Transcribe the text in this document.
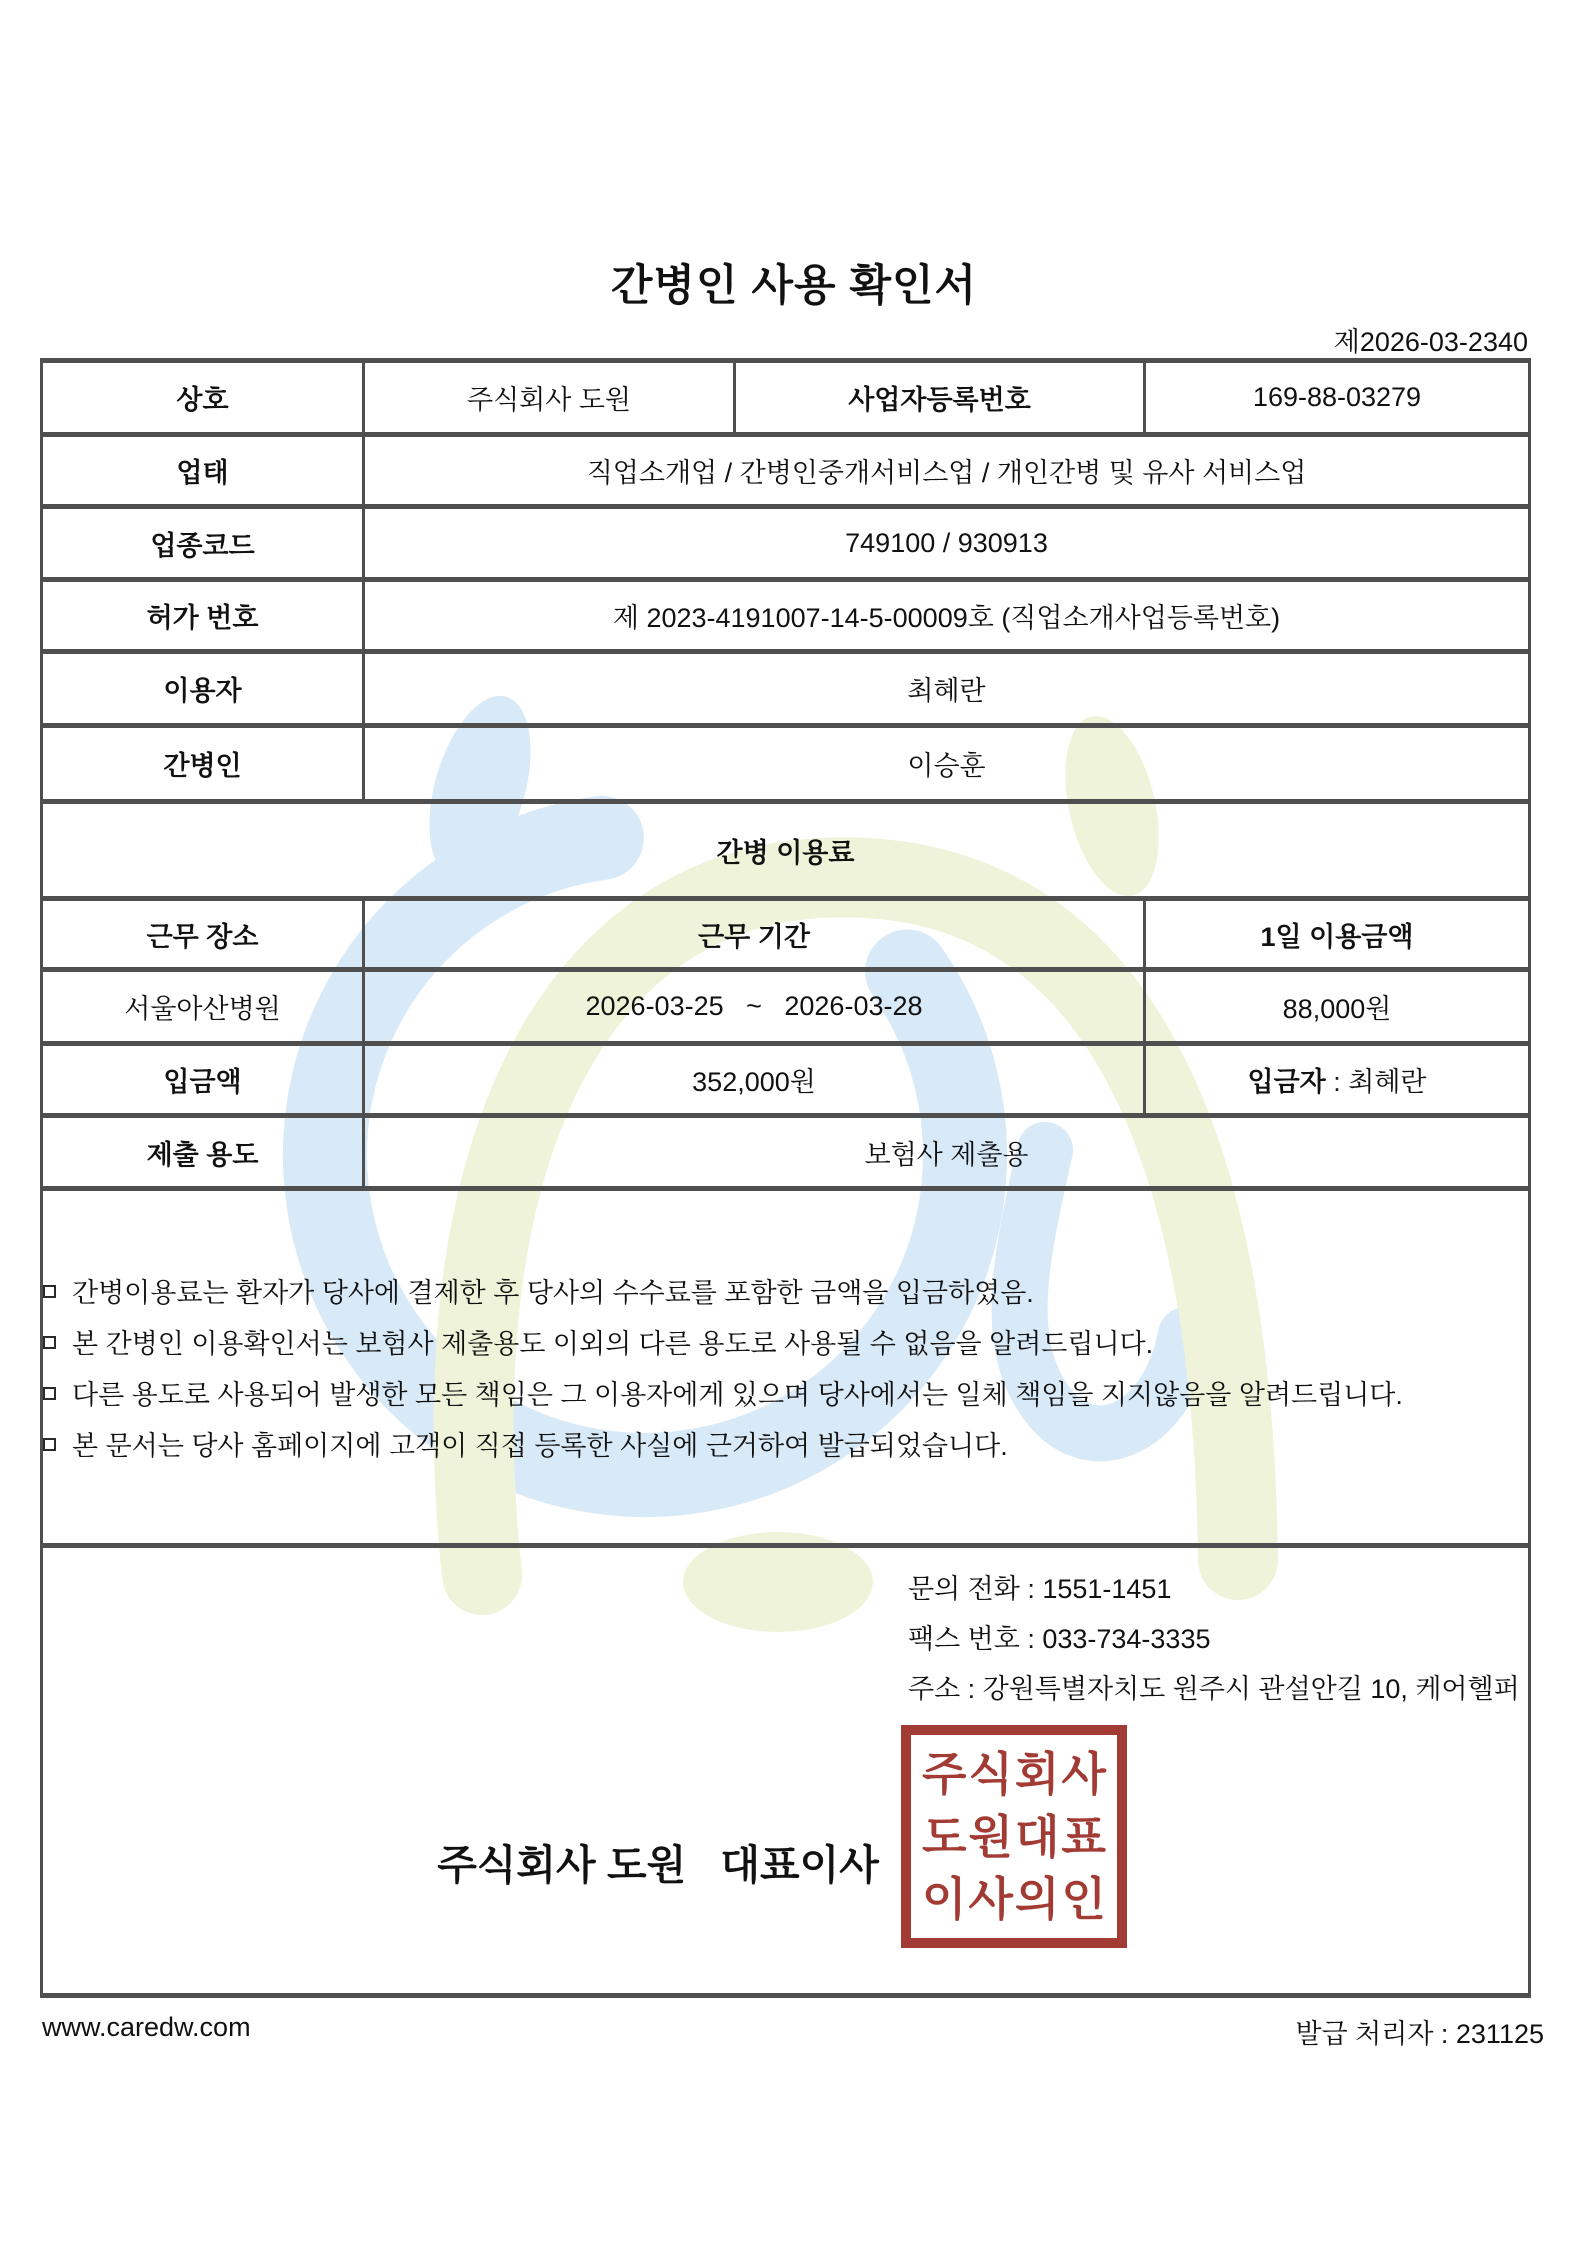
간병인 사용 확인서
제2026-03-2340
상호	주식회사 도원	사업자등록번호	169-88-03279
업태	직업소개업 / 간병인중개서비스업 / 개인간병 및 유사 서비스업		
업종코드	749100 / 930913		
허가 번호	제 2023-4191007-14-5-00009호 (직업소개사업등록번호)		
이용자	최혜란		
간병인	이승훈		
간병 이용료			
근무 장소	근무 기간		1일 이용금액
서울아산병원	2026-03-25   ~   2026-03-28		88,000원
입금액	352,000원		입금자 : 최혜란
제출 용도	보험사 제출용		

간병이용료는 환자가 당사에 결제한 후 당사의 수수료를 포함한 금액을 입금하였음.
본 간병인 이용확인서는 보험사 제출용도 이외의 다른 용도로 사용될 수 없음을 알려드립니다.
다른 용도로 사용되어 발생한 모든 책임은 그 이용자에게 있으며 당사에서는 일체 책임을 지지않음을 알려드립니다.
본 문서는 당사 홈페이지에 고객이 직접 등록한 사실에 근거하여 발급되었습니다.			

문의 전화 : 1551-1451
팩스 번호 : 033-734-3335
주소 : 강원특별자치도 원주시 관설안길 10, 케어헬퍼
주식회사 도원   대표이사
주 식 회 사
도 원 대 표
이 사 의 인
www.caredw.com	발급 처리자 : 231125
